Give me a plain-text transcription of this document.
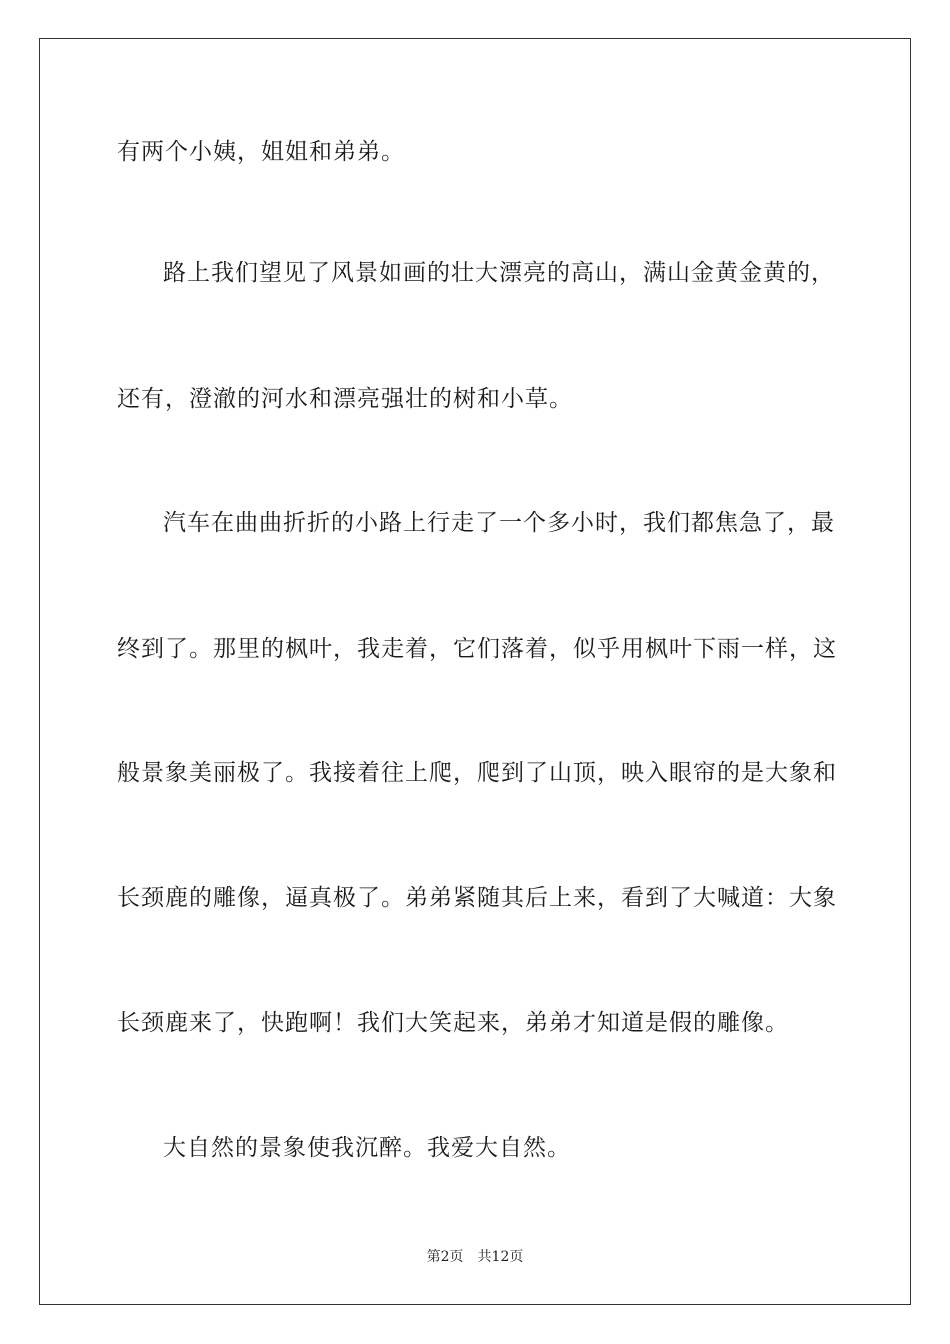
有两个小姨，姐姐和弟弟。
路上我们望见了风景如画的壮大漂亮的高山，满山金黄金黄的，
还有，澄澈的河水和漂亮强壮的树和小草。
汽车在曲曲折折的小路上行走了一个多小时，我们都焦急了，最
终到了。那里的枫叶，我走着，它们落着，似乎用枫叶下雨一样，这
般景象美丽极了。我接着往上爬，爬到了山顶，映入眼帘的是大象和
长颈鹿的雕像，逼真极了。弟弟紧随其后上来，看到了大喊道：大象
长颈鹿来了，快跑啊！我们大笑起来，弟弟才知道是假的雕像。
大自然的景象使我沉醉。我爱大自然。
第2页 共12页
